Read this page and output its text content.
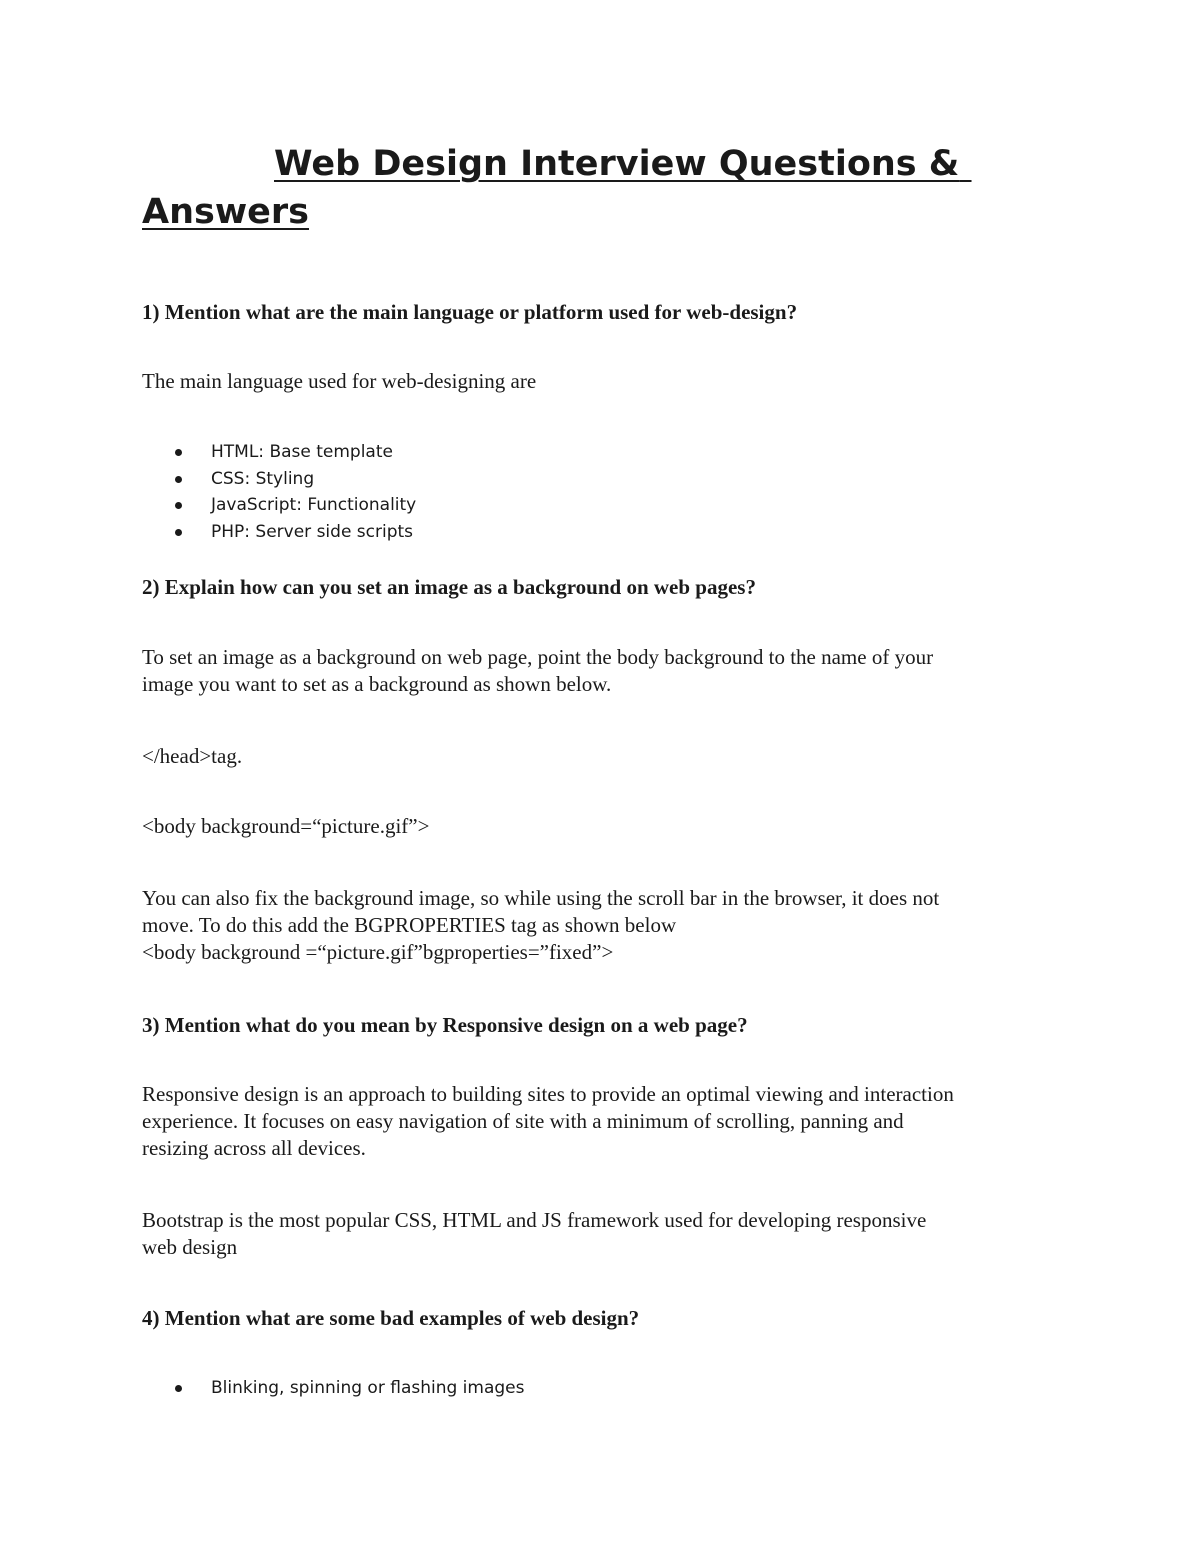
Web Design Interview Questions & Answers

1) Mention what are the main language or platform used for web-design?

The main language used for web-designing are

HTML: Base template
CSS: Styling
JavaScript: Functionality
PHP: Server side scripts

2) Explain how can you set an image as a background on web pages?

To set an image as a background on web page, point the body background to the name of your
image you want to set as a background as shown below.

</head>tag.

<body background=“picture.gif”>

You can also fix the background image, so while using the scroll bar in the browser, it does not
move. To do this add the BGPROPERTIES tag as shown below
<body background =“picture.gif”bgproperties=”fixed”>

3) Mention what do you mean by Responsive design on a web page?

Responsive design is an approach to building sites to provide an optimal viewing and interaction
experience. It focuses on easy navigation of site with a minimum of scrolling, panning and
resizing across all devices.

Bootstrap is the most popular CSS, HTML and JS framework used for developing responsive
web design

4) Mention what are some bad examples of web design?

Blinking, spinning or flashing images
